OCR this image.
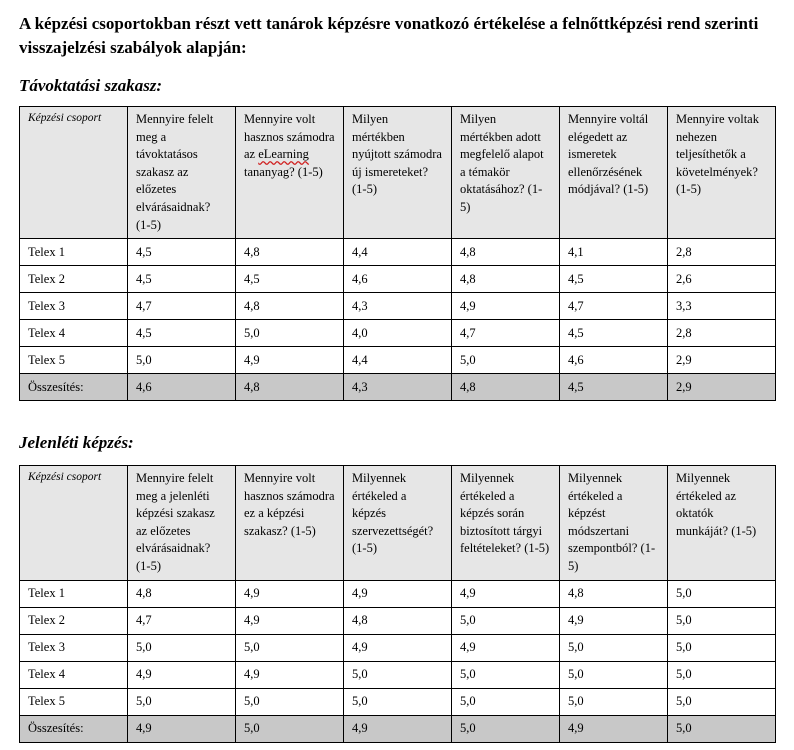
A képzési csoportokban részt vett tanárok képzésre vonatkozó értékelése a felnőttképzési rend szerinti visszajelzési szabályok alapján:
Távoktatási szakasz:
Képzési csoport	Mennyire felelt meg a távoktatásos szakasz az előzetes elvárásaidnak? (1-5)	Mennyire volt hasznos számodra az eLearning tananyag? (1-5)	Milyen mértékben nyújtott számodra új ismereteket? (1-5)	Milyen mértékben adott megfelelő alapot a témakör oktatásához? (1-5)	Mennyire voltál elégedett az ismeretek ellenőrzésének módjával? (1-5)	Mennyire voltak nehezen teljesíthetők a követelmények? (1-5)
Telex 1	4,5	4,8	4,4	4,8	4,1	2,8
Telex 2	4,5	4,5	4,6	4,8	4,5	2,6
Telex 3	4,7	4,8	4,3	4,9	4,7	3,3
Telex 4	4,5	5,0	4,0	4,7	4,5	2,8
Telex 5	5,0	4,9	4,4	5,0	4,6	2,9
Összesítés:	4,6	4,8	4,3	4,8	4,5	2,9
Jelenléti képzés:
Képzési csoport	Mennyire felelt meg a jelenléti képzési szakasz az előzetes elvárásaidnak? (1-5)	Mennyire volt hasznos számodra ez a képzési szakasz? (1-5)	Milyennek értékeled a képzés szervezettségét? (1-5)	Milyennek értékeled a képzés során biztosított tárgyi feltételeket? (1-5)	Milyennek értékeled a képzést módszertani szempontból? (1-5)	Milyennek értékeled az oktatók munkáját? (1-5)
Telex 1	4,8	4,9	4,9	4,9	4,8	5,0
Telex 2	4,7	4,9	4,8	5,0	4,9	5,0
Telex 3	5,0	5,0	4,9	4,9	5,0	5,0
Telex 4	4,9	4,9	5,0	5,0	5,0	5,0
Telex 5	5,0	5,0	5,0	5,0	5,0	5,0
Összesítés:	4,9	5,0	4,9	5,0	4,9	5,0
